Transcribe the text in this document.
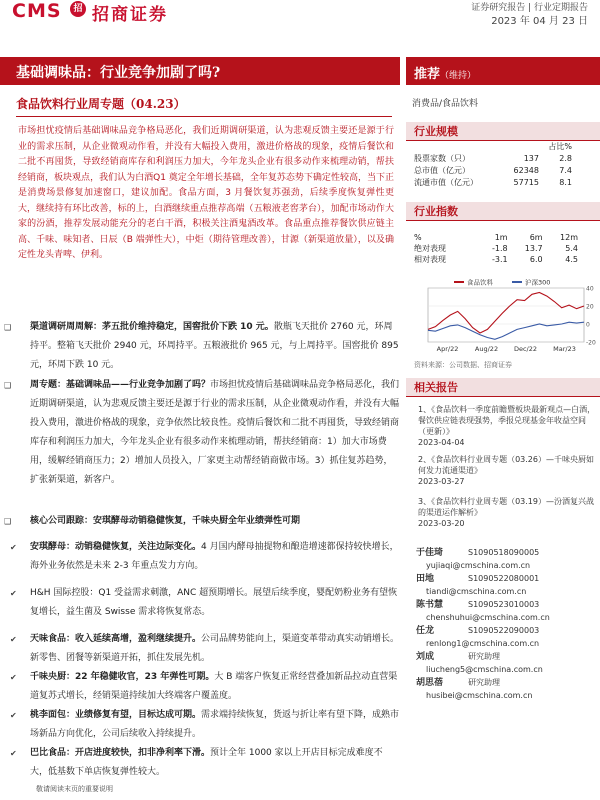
CMS	招 招商证券	证券研究报告 | 行业定期报告
2023 年 04 月 23 日
基础调味品：行业竞争加剧了吗?	推荐（维持）
食品饮料行业周专题（04.23）	消费品/食品饮料
市场担忧疫情后基础调味品竞争格局恶化，我们近期调研渠道，认为悲观反馈主要还是源于行业的需求压制，从企业微观动作看，并没有大幅投入费用，激进价格战的现象，疫情后餐饮和二批不再囤货，导致经销商库存和利润压力加大，今年龙头企业有很多动作来梳理动销，帮扶经销商，板块观点，我们认为白酒Q1 奠定全年增长基础，全年复苏态势下确定性较高，当下正是消费场景修复加速窗口，建议加配。食品方面，3 月餐饮复苏强劲，后续季度恢复弹性更大，继续持有环比改善，标的上，白酒继续重点推荐高端（五粮液老窖茅台），加配市场动作大家的汾酒，推荐发展动能充分的老白干酒，积极关注酒鬼酒改革。食品重点推荐餐饮供应链主高、千味、味知者、日辰（B 端弹性大），中炬（期待管理改善），甘源（新渠道放量），以及确定性龙头青啤、伊利。
❑ 渠道调研周周解：茅五批价维持稳定，国窖批价下跌 10 元。散瓶飞天批价 2760 元，环周持平。整箱飞天批价 2940 元，环周持平。五粮液批价 965 元，与上周持平。国窖批价 895 元，环周下跌 10 元。
❑ 周专题：基础调味品——行业竞争加剧了吗？市场担忧疫情后基础调味品竞争格局恶化，我们近期调研渠道，认为悲观反馈主要还是源于行业的需求压制，从企业微观动作看，并没有大幅投入费用，激进价格战的现象，竞争依然比较良性。疫情后餐饮和二批不再囤货，导致经销商库存和利润压力加大，今年龙头企业有很多动作来梳理动销，帮扶经销商：1）加大市场费用，缓解经销商压力；2）增加人员投入，厂家更主动帮经销商做市场。3）抓住复苏趋势，扩张新渠道，新客户。
❑ 核心公司跟踪：安琪酵母动销稳健恢复，千味央厨全年业绩弹性可期
✔ 安琪酵母：动销稳健恢复，关注边际变化。4 月国内酵母抽提物和酿造增速都保持较快增长，海外业务依然是未来 2-3 年重点发力方向。
✔ H&H 国际控股：Q1 受益需求刺激，ANC 超预期增长。展望后续季度，婴配奶粉业务有望恢复增长，益生菌及 Swisse 需求将恢复常态。
✔ 天味食品：收入延续高增，盈利继续提升。公司品牌势能向上，渠道变革带动真实动销增长。新零售、团餐等新渠道开拓，抓住发展先机。
✔ 千味央厨：22 年稳健收官，23 年弹性可期。大 B 端客户恢复正常经营叠加新品拉动直营渠道复苏式增长，经销渠道持续加大终端客户覆盖度。
✔ 桃李面包：业绩修复有望，目标达成可期。需求端持续恢复，货返与折让率有望下降，成熟市场新品方向优化，公司后续收入持续提升。
✔ 巴比食品：开店进度较快，扣非净利率下滑。预计全年 1000 家以上开店目标完成难度不大，低基数下单店恢复弹性较大。
行业规模
		占比%
股票家数（只）	137	2.8
总市值（亿元）	62348	7.4
流通市值（亿元）	57715	8.1
行业指数
%	1m	6m	12m
绝对表现	-1.8	13.7	5.4
相对表现	-3.1	6.0	4.5
-20
0
20
40
Apr/22	Aug/22 Dec/22 Mar/23
食品饮料	沪深300
资料来源：公司数据、招商证券
相关报告
1、《食品饮料一季度前瞻暨板块最新观点—白酒，餐饮供应链表现强势，季报兑现基金年收益空间（更新）》
2023-04-04
2、《食品饮料行业周专题（03.26）—千味央厨如何发力流通渠道》
2023-03-27
3、《食品饮料行业周专题（03.19）—汾酒复兴战的渠道运作解析》
2023-03-20
于佳琦	S1090518090005
yujiaqi@cmschina.com.cn
田地	S1090522080001
tiandi@cmschina.com.cn
陈书慧	S1090523010003
chenshuhui@cmschina.com.cn
任龙	S1090522090003
renlong1@cmschina.com.cn
刘成	研究助理
liucheng5@cmschina.com.cn
胡思蓓	研究助理
husibei@cmschina.com.cn
敬请阅读末页的重要说明
